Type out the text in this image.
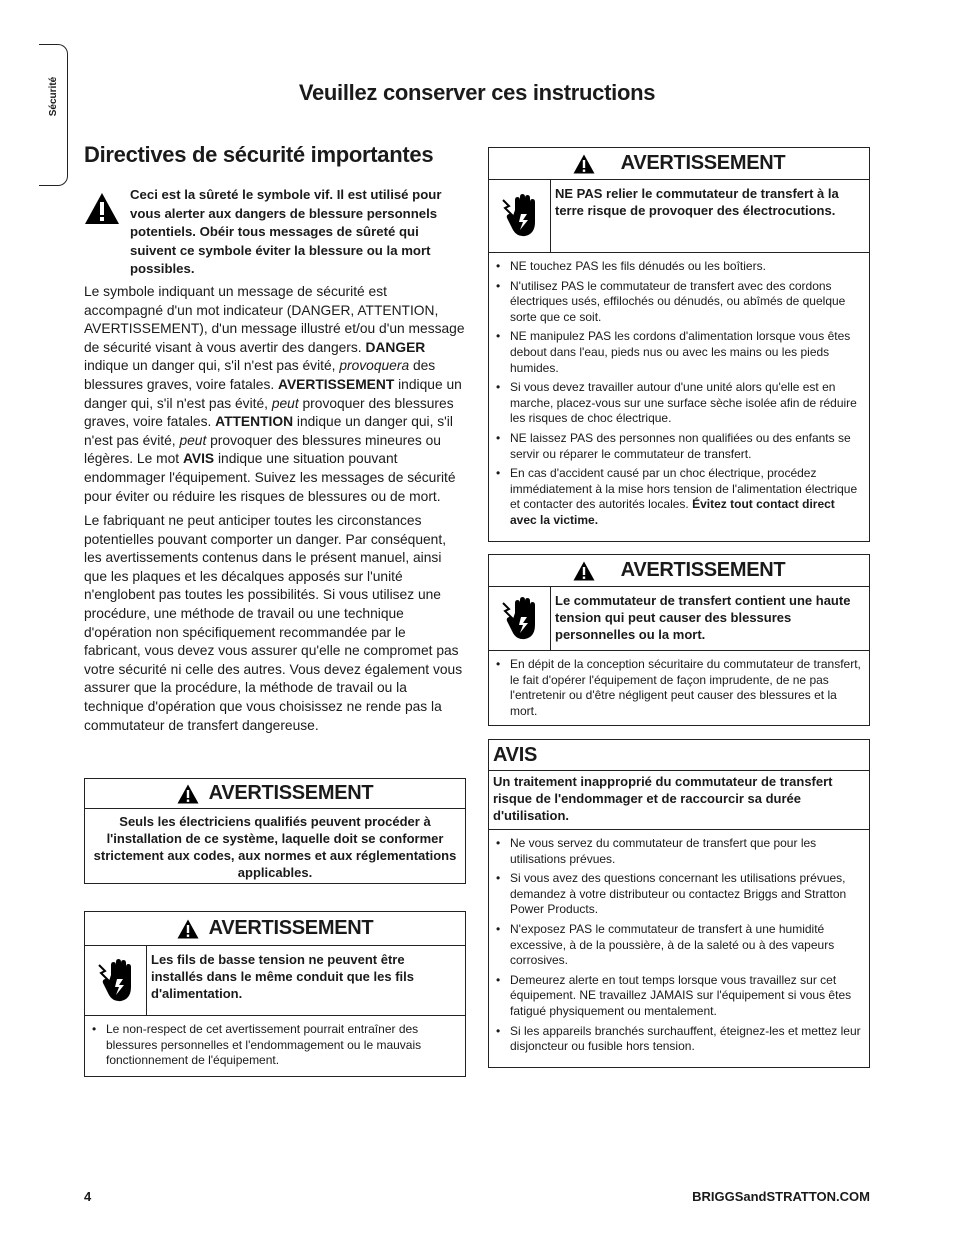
Sécurité	Veuillez conserver ces instructions
Directives de sécurité importantes

Ceci est la sûreté le symbole vif. Il est utilisé pour vous alerter aux dangers de blessure personnels potentiels. Obéir tous messages de sûreté qui suivent ce symbole éviter la blessure ou la mort possibles.

Le symbole indiquant un message de sécurité est accompagné d'un mot indicateur (DANGER, ATTENTION, AVERTISSEMENT), d'un message illustré et/ou d'un message de sécurité visant à vous avertir des dangers. DANGER indique un danger qui, s'il n'est pas évité, provoquera des blessures graves, voire fatales. AVERTISSEMENT indique un danger qui, s'il n'est pas évité, peut provoquer des blessures graves, voire fatales. ATTENTION indique un danger qui, s'il n'est pas évité, peut provoquer des blessures mineures ou légères. Le mot AVIS indique une situation pouvant endommager l'équipement. Suivez les messages de sécurité pour éviter ou réduire les risques de blessures ou de mort.

Le fabriquant ne peut anticiper toutes les circonstances potentielles pouvant comporter un danger. Par conséquent, les avertissements contenus dans le présent manuel, ainsi que les plaques et les décalques apposés sur l'unité n'englobent pas toutes les possibilités. Si vous utilisez une procédure, une méthode de travail ou une technique d'opération non spécifiquement recommandée par le fabricant, vous devez vous assurer qu'elle ne compromet pas votre sécurité ni celle des autres. Vous devez également vous assurer que la procédure, la méthode de travail ou la technique d'opération que vous choisissez ne rende pas la commutateur de transfert dangereuse.

AVERTISSEMENT
Seuls les électriciens qualifiés peuvent procéder à l'installation de ce système, laquelle doit se conformer strictement aux codes, aux normes et aux réglementations applicables.
AVERTISSEMENT
Les fils de basse tension ne peuvent être installés dans le même conduit que les fils d'alimentation.
• Le non-respect de cet avertissement pourrait entraîner des blessures personnelles et l'endommagement ou le mauvais fonctionnement de l'équipement.
AVERTISSEMENT
NE PAS relier le commutateur de transfert à la terre risque de provoquer des électrocutions.
• NE touchez PAS les fils dénudés ou les boîtiers.
• N'utilisez PAS le commutateur de transfert avec des cordons électriques usés, effilochés ou dénudés, ou abîmés de quelque sorte que ce soit.
• NE manipulez PAS les cordons d'alimentation lorsque vous êtes debout dans l'eau, pieds nus ou avec les mains ou les pieds humides.
• Si vous devez travailler autour d'une unité alors qu'elle est en marche, placez-vous sur une surface sèche isolée afin de réduire les risques de choc électrique.
• NE laissez PAS des personnes non qualifiées ou des enfants se servir ou réparer le commutateur de transfert.
• En cas d'accident causé par un choc électrique, procédez immédiatement à la mise hors tension de l'alimentation électrique et contacter des autorités locales. Évitez tout contact direct avec la victime.
AVERTISSEMENT
Le commutateur de transfert contient une haute tension qui peut causer des blessures personnelles ou la mort.
• En dépit de la conception sécuritaire du commutateur de transfert, le fait d'opérer l'équipement de façon imprudente, de ne pas l'entretenir ou d'être négligent peut causer des blessures et la mort.
AVIS
Un traitement inapproprié du commutateur de transfert risque de l'endommager et de raccourcir sa durée d'utilisation.
• Ne vous servez du commutateur de transfert que pour les utilisations prévues.
• Si vous avez des questions concernant les utilisations prévues, demandez à votre distributeur ou contactez Briggs and Stratton Power Products.
• N'exposez PAS le commutateur de transfert à une humidité excessive, à de la poussière, à de la saleté ou à des vapeurs corrosives.
• Demeurez alerte en tout temps lorsque vous travaillez sur cet équipement. NE travaillez JAMAIS sur l'équipement si vous êtes fatigué physiquement ou mentalement.
• Si les appareils branchés surchauffent, éteignez-les et mettez leur disjoncteur ou fusible hors tension.
4	BRIGGSandSTRATTON.COM
